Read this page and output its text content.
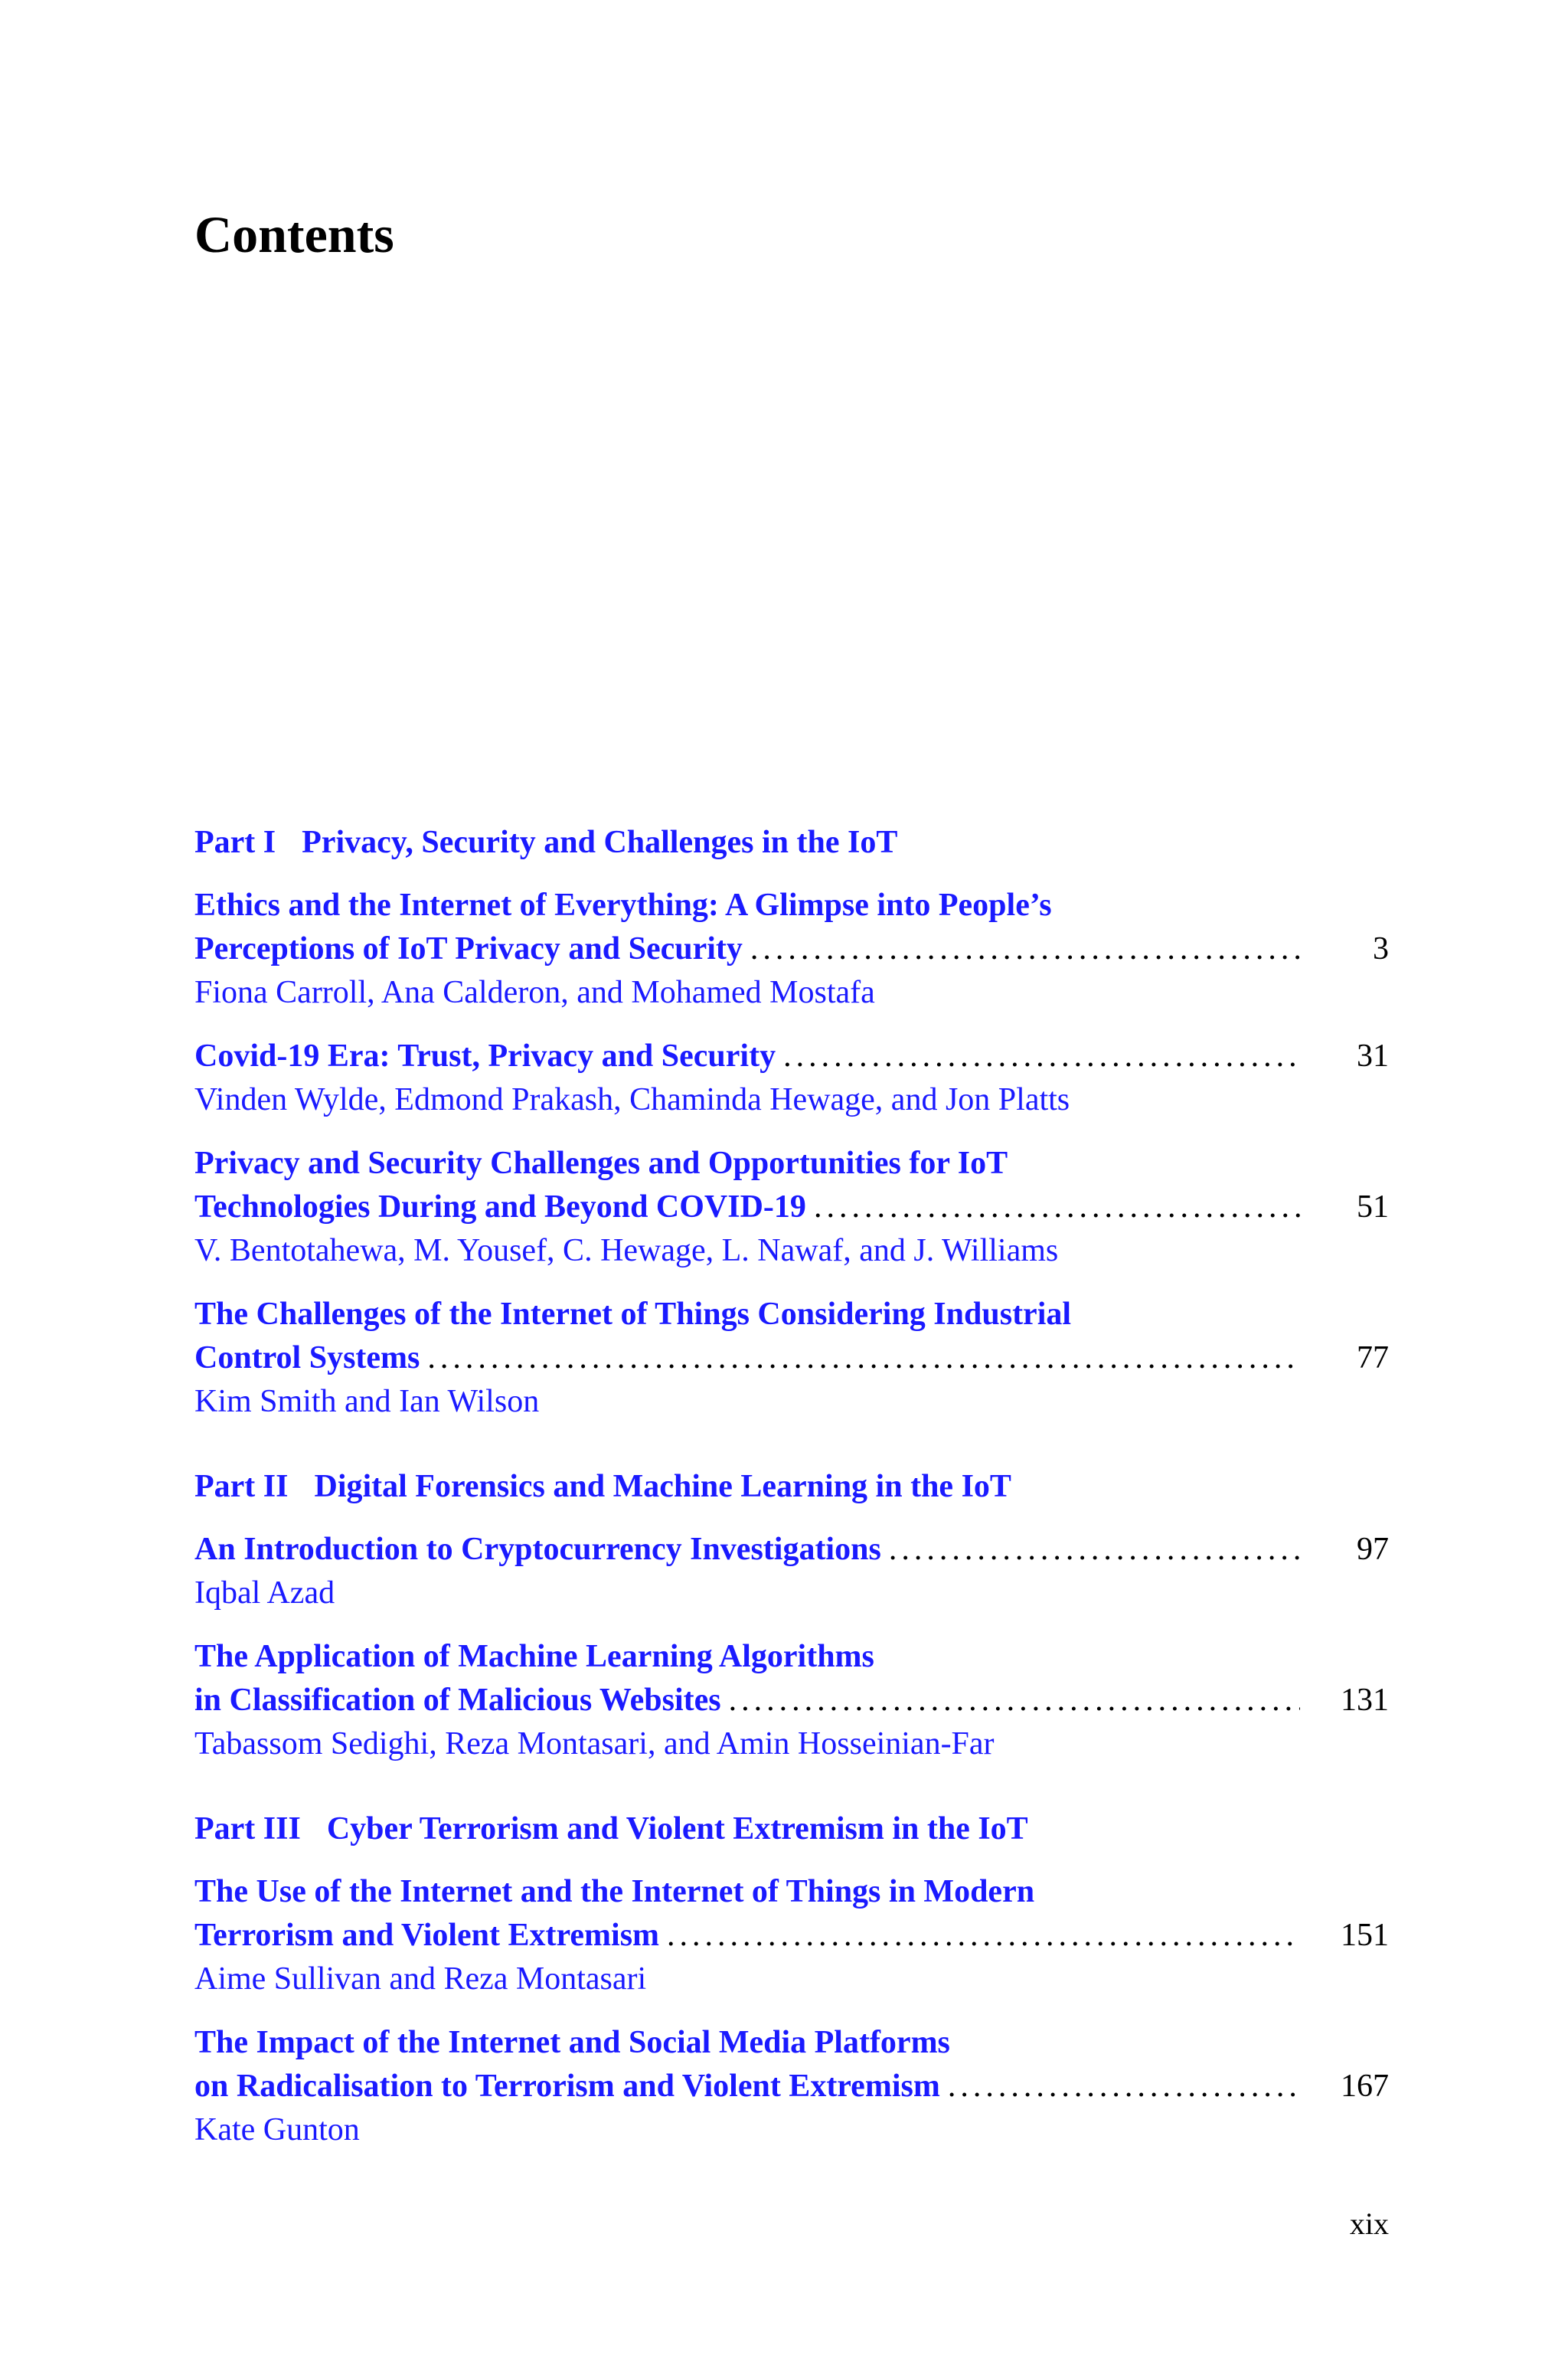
Contents
Part I Privacy, Security and Challenges in the IoT
Ethics and the Internet of Everything: A Glimpse into People’s
Perceptions of IoT Privacy and Security .....	3
Fiona Carroll, Ana Calderon, and Mohamed Mostafa
Covid-19 Era: Trust, Privacy and Security .....	31
Vinden Wylde, Edmond Prakash, Chaminda Hewage, and Jon Platts
Privacy and Security Challenges and Opportunities for IoT
Technologies During and Beyond COVID-19 .....	51
V. Bentotahewa, M. Yousef, C. Hewage, L. Nawaf, and J. Williams
The Challenges of the Internet of Things Considering Industrial
Control Systems .....	77
Kim Smith and Ian Wilson
Part II Digital Forensics and Machine Learning in the IoT
An Introduction to Cryptocurrency Investigations .....	97
Iqbal Azad
The Application of Machine Learning Algorithms
in Classification of Malicious Websites .....	131
Tabassom Sedighi, Reza Montasari, and Amin Hosseinian-Far
Part III Cyber Terrorism and Violent Extremism in the IoT
The Use of the Internet and the Internet of Things in Modern
Terrorism and Violent Extremism .....	151
Aime Sullivan and Reza Montasari
The Impact of the Internet and Social Media Platforms
on Radicalisation to Terrorism and Violent Extremism .....	167
Kate Gunton
xix
